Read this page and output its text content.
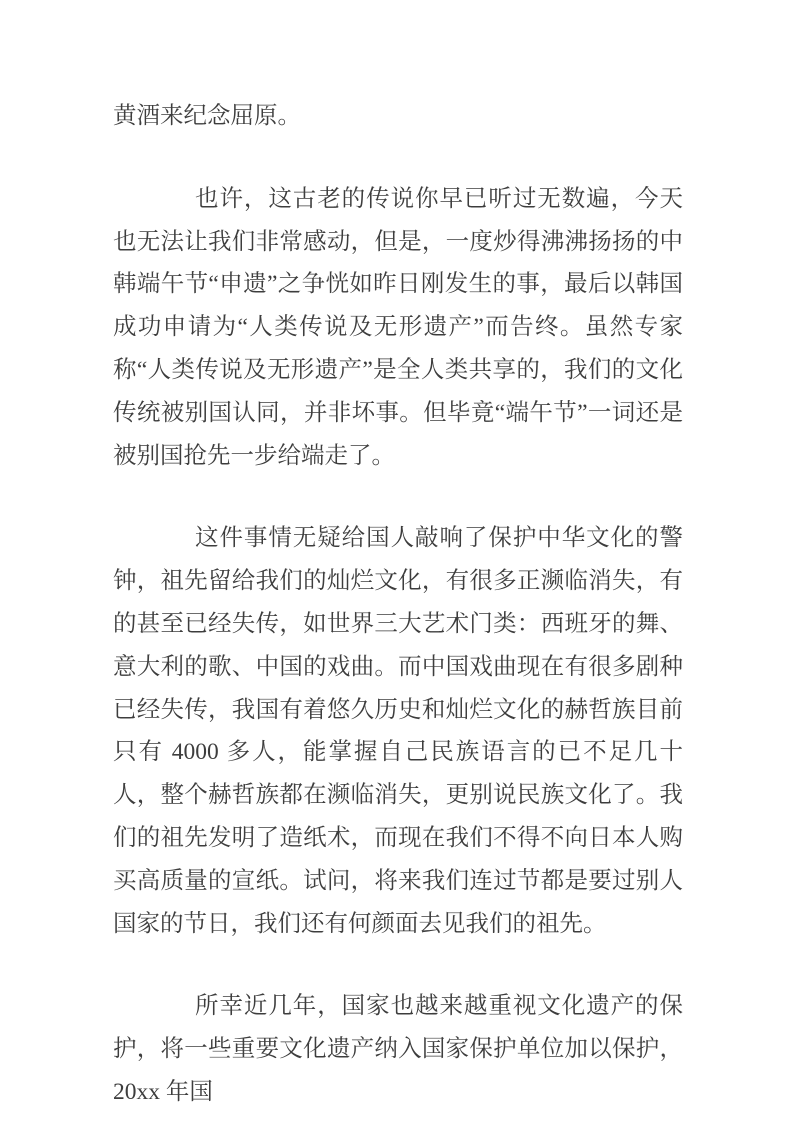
黄酒来纪念屈原。

也许，这古老的传说你早已听过无数遍，今天也无法让我们非常感动，但是，一度炒得沸沸扬扬的中韩端午节“申遗”之争恍如昨日刚发生的事，最后以韩国成功申请为“人类传说及无形遗产”而告终。虽然专家称“人类传说及无形遗产”是全人类共享的，我们的文化传统被别国认同，并非坏事。但毕竟“端午节”一词还是被别国抢先一步给端走了。

这件事情无疑给国人敲响了保护中华文化的警钟，祖先留给我们的灿烂文化，有很多正濒临消失，有的甚至已经失传，如世界三大艺术门类：西班牙的舞、意大利的歌、中国的戏曲。而中国戏曲现在有很多剧种已经失传，我国有着悠久历史和灿烂文化的赫哲族目前只有 4000 多人，能掌握自己民族语言的已不足几十人，整个赫哲族都在濒临消失，更别说民族文化了。我们的祖先发明了造纸术，而现在我们不得不向日本人购买高质量的宣纸。试问，将来我们连过节都是要过别人国家的节日，我们还有何颜面去见我们的祖先。

所幸近几年，国家也越来越重视文化遗产的保护，将一些重要文化遗产纳入国家保护单位加以保护，20xx 年国
